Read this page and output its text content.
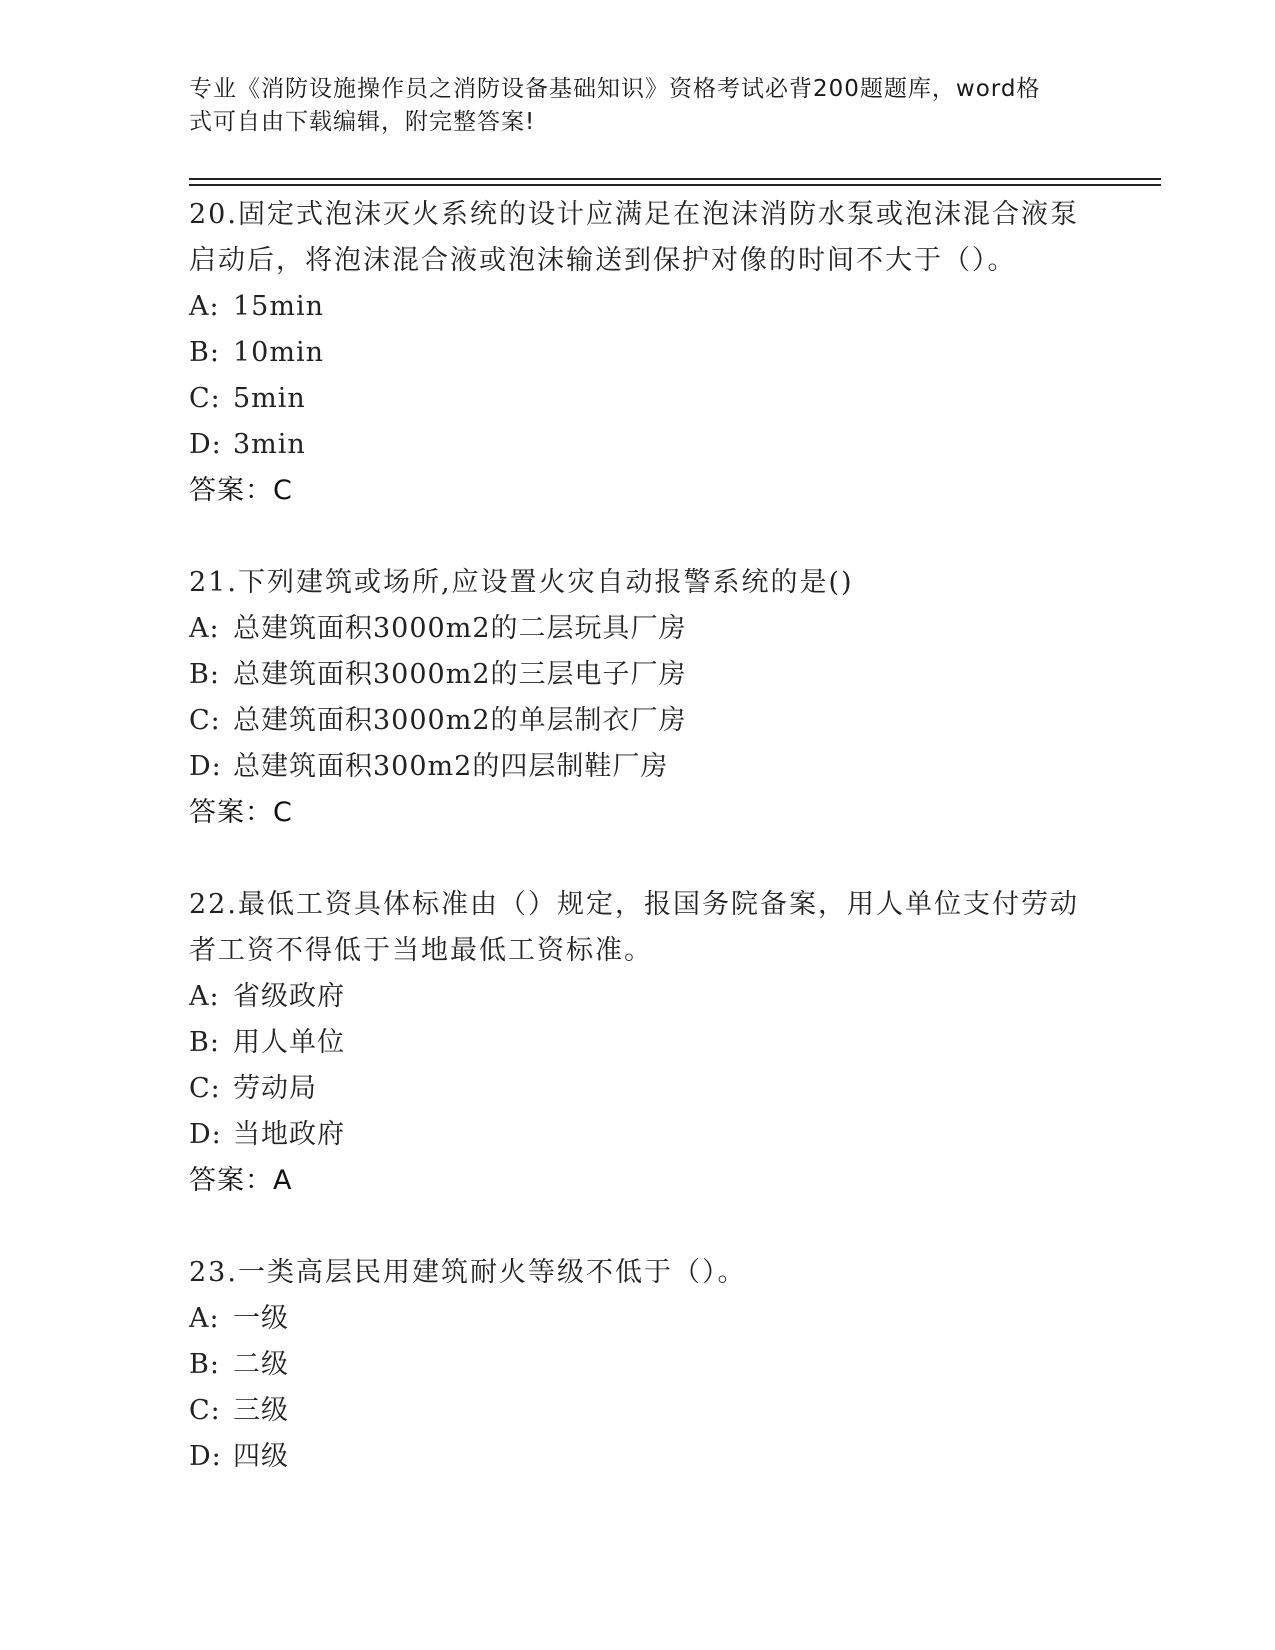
专业《消防设施操作员之消防设备基础知识》资格考试必背200题题库，word格
式可自由下载编辑，附完整答案!
20.固定式泡沫灭火系统的设计应满足在泡沫消防水泵或泡沫混合液泵
启动后，将泡沫混合液或泡沫输送到保护对像的时间不大于（）。
A: 15min
B: 10min
C: 5min
D: 3min
答案：C
21.下列建筑或场所,应设置火灾自动报警系统的是()
A: 总建筑面积3000m2的二层玩具厂房
B: 总建筑面积3000m2的三层电子厂房
C: 总建筑面积3000m2的单层制衣厂房
D: 总建筑面积300m2的四层制鞋厂房
答案：C
22.最低工资具体标准由（）规定，报国务院备案，用人单位支付劳动
者工资不得低于当地最低工资标准。
A: 省级政府
B: 用人单位
C: 劳动局
D: 当地政府
答案：A
23.一类高层民用建筑耐火等级不低于（）。
A: 一级
B: 二级
C: 三级
D: 四级
